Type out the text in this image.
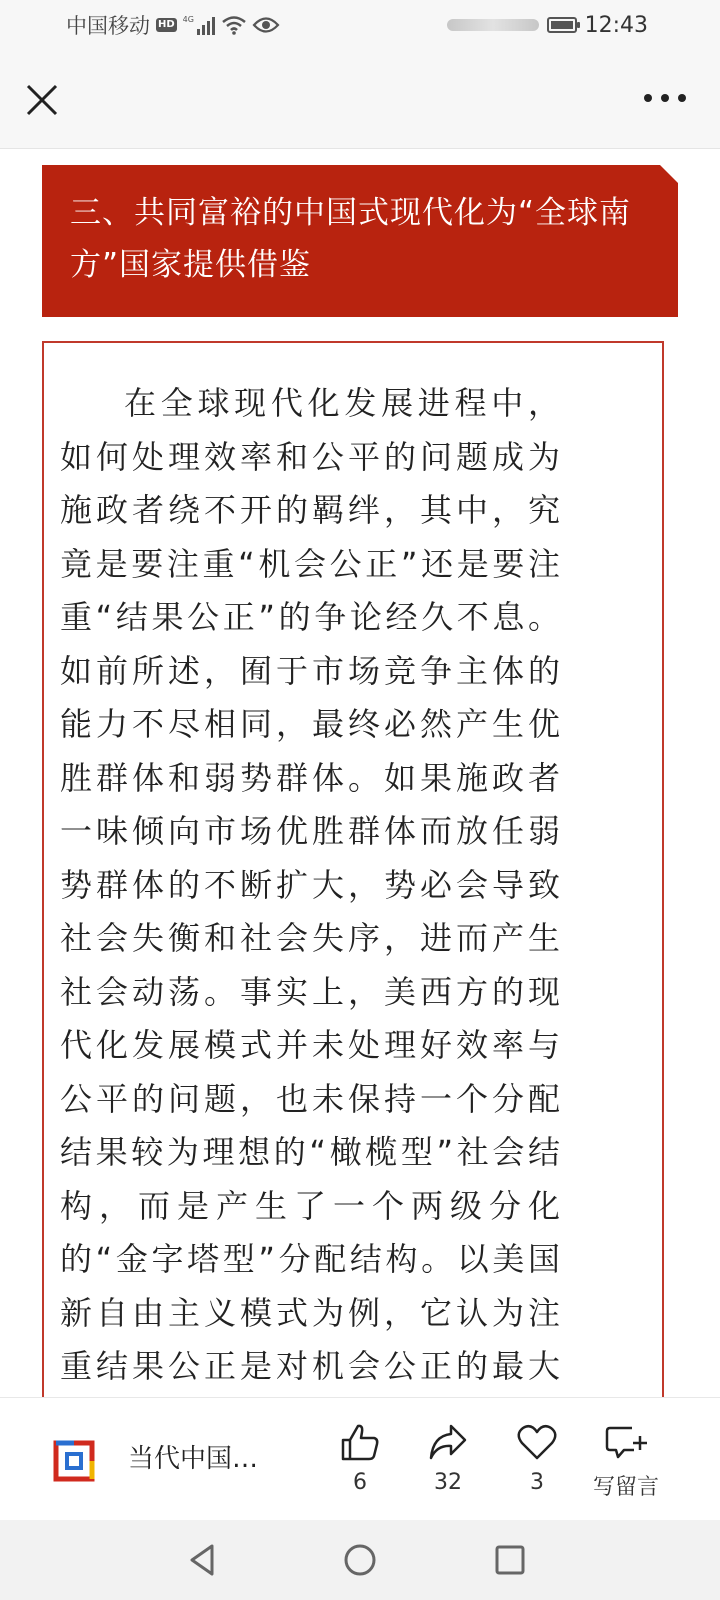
中国移动 HD 4G	12:43
三、共同富裕的中国式现代化为“全球南方”国家提供借鉴
在全球现代化发展进程中，如何处理效率和公平的问题成为施政者绕不开的羁绊，其中，究竟是要注重“机会公正”还是要注重“结果公正”的争论经久不息。如前所述，囿于市场竞争主体的能力不尽相同，最终必然产生优胜群体和弱势群体。如果施政者一味倾向市场优胜群体而放任弱势群体的不断扩大，势必会导致社会失衡和社会失序，进而产生社会动荡。事实上，美西方的现代化发展模式并未处理好效率与公平的问题，也未保持一个分配结果较为理想的“橄榄型”社会结构，而是产生了一个两级分化的“金字塔型”分配结构。以美国新自由主义模式为例，它认为注重结果公正是对机会公正的最大
当代中国…
6	32	3	写留言
